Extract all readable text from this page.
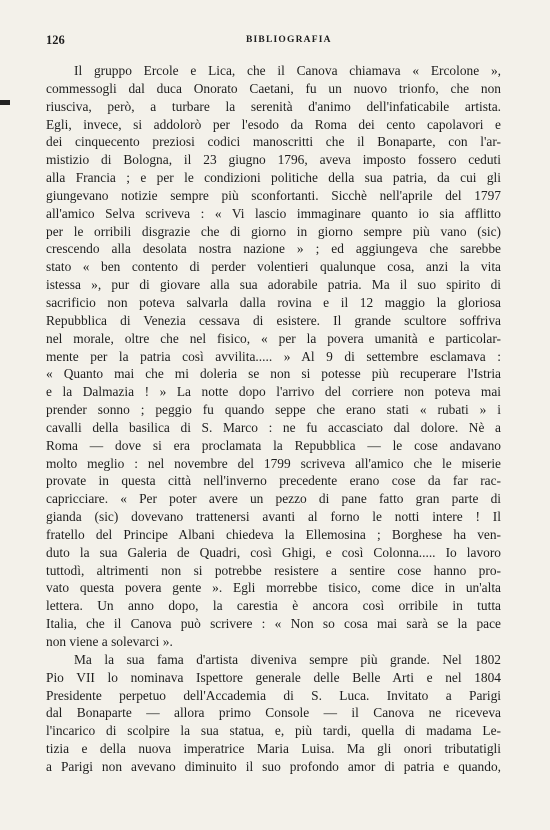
126	BIBLIOGRAFIA
Il gruppo Ercole e Lica, che il Canova chiamava « Ercolone »,
commessogli dal duca Onorato Caetani, fu un nuovo trionfo, che non
riusciva, però, a turbare la serenità d'animo dell'infaticabile artista.
Egli, invece, si addolorò per l'esodo da Roma dei cento capolavori e
dei cinquecento preziosi codici manoscritti che il Bonaparte, con l'ar-
mistizio di Bologna, il 23 giugno 1796, aveva imposto fossero ceduti
alla Francia ; e per le condizioni politiche della sua patria, da cui gli
giungevano notizie sempre più sconfortanti. Sicchè nell'aprile del 1797
all'amico Selva scriveva : « Vi lascio immaginare quanto io sia afflitto
per le orribili disgrazie che di giorno in giorno sempre più vano (sic)
crescendo alla desolata nostra nazione » ; ed aggiungeva che sarebbe
stato « ben contento di perder volentieri qualunque cosa, anzi la vita
istessa », pur di giovare alla sua adorabile patria. Ma il suo spirito di
sacrificio non poteva salvarla dalla rovina e il 12 maggio la gloriosa
Repubblica di Venezia cessava di esistere. Il grande scultore soffriva
nel morale, oltre che nel fisico, « per la povera umanità e particolar-
mente per la patria così avvilita..... » Al 9 di settembre esclamava :
« Quanto mai che mi doleria se non si potesse più recuperare l'Istria
e la Dalmazia ! » La notte dopo l'arrivo del corriere non poteva mai
prender sonno ; peggio fu quando seppe che erano stati « rubati » i
cavalli della basilica di S. Marco : ne fu accasciato dal dolore. Nè a
Roma — dove si era proclamata la Repubblica — le cose andavano
molto meglio : nel novembre del 1799 scriveva all'amico che le miserie
provate in questa città nell'inverno precedente erano cose da far rac-
capricciare. « Per poter avere un pezzo di pane fatto gran parte di
gianda (sic) dovevano trattenersi avanti al forno le notti intere ! Il
fratello del Principe Albani chiedeva la Ellemosina ; Borghese ha ven-
duto la sua Galeria de Quadri, così Ghigi, e così Colonna..... Io lavoro
tuttodì, altrimenti non si potrebbe resistere a sentire cose hanno pro-
vato questa povera gente ». Egli morrebbe tisico, come dice in un'alta
lettera. Un anno dopo, la carestia è ancora così orribile in tutta
Italia, che il Canova può scrivere : « Non so cosa mai sarà se la pace
non viene a solevarci ».
Ma la sua fama d'artista diveniva sempre più grande. Nel 1802
Pio VII lo nominava Ispettore generale delle Belle Arti e nel 1804
Presidente perpetuo dell'Accademia di S. Luca. Invitato a Parigi
dal Bonaparte — allora primo Console — il Canova ne riceveva
l'incarico di scolpire la sua statua, e, più tardi, quella di madama Le-
tizia e della nuova imperatrice Maria Luisa. Ma gli onori tributatigli
a Parigi non avevano diminuito il suo profondo amor di patria e quando,
